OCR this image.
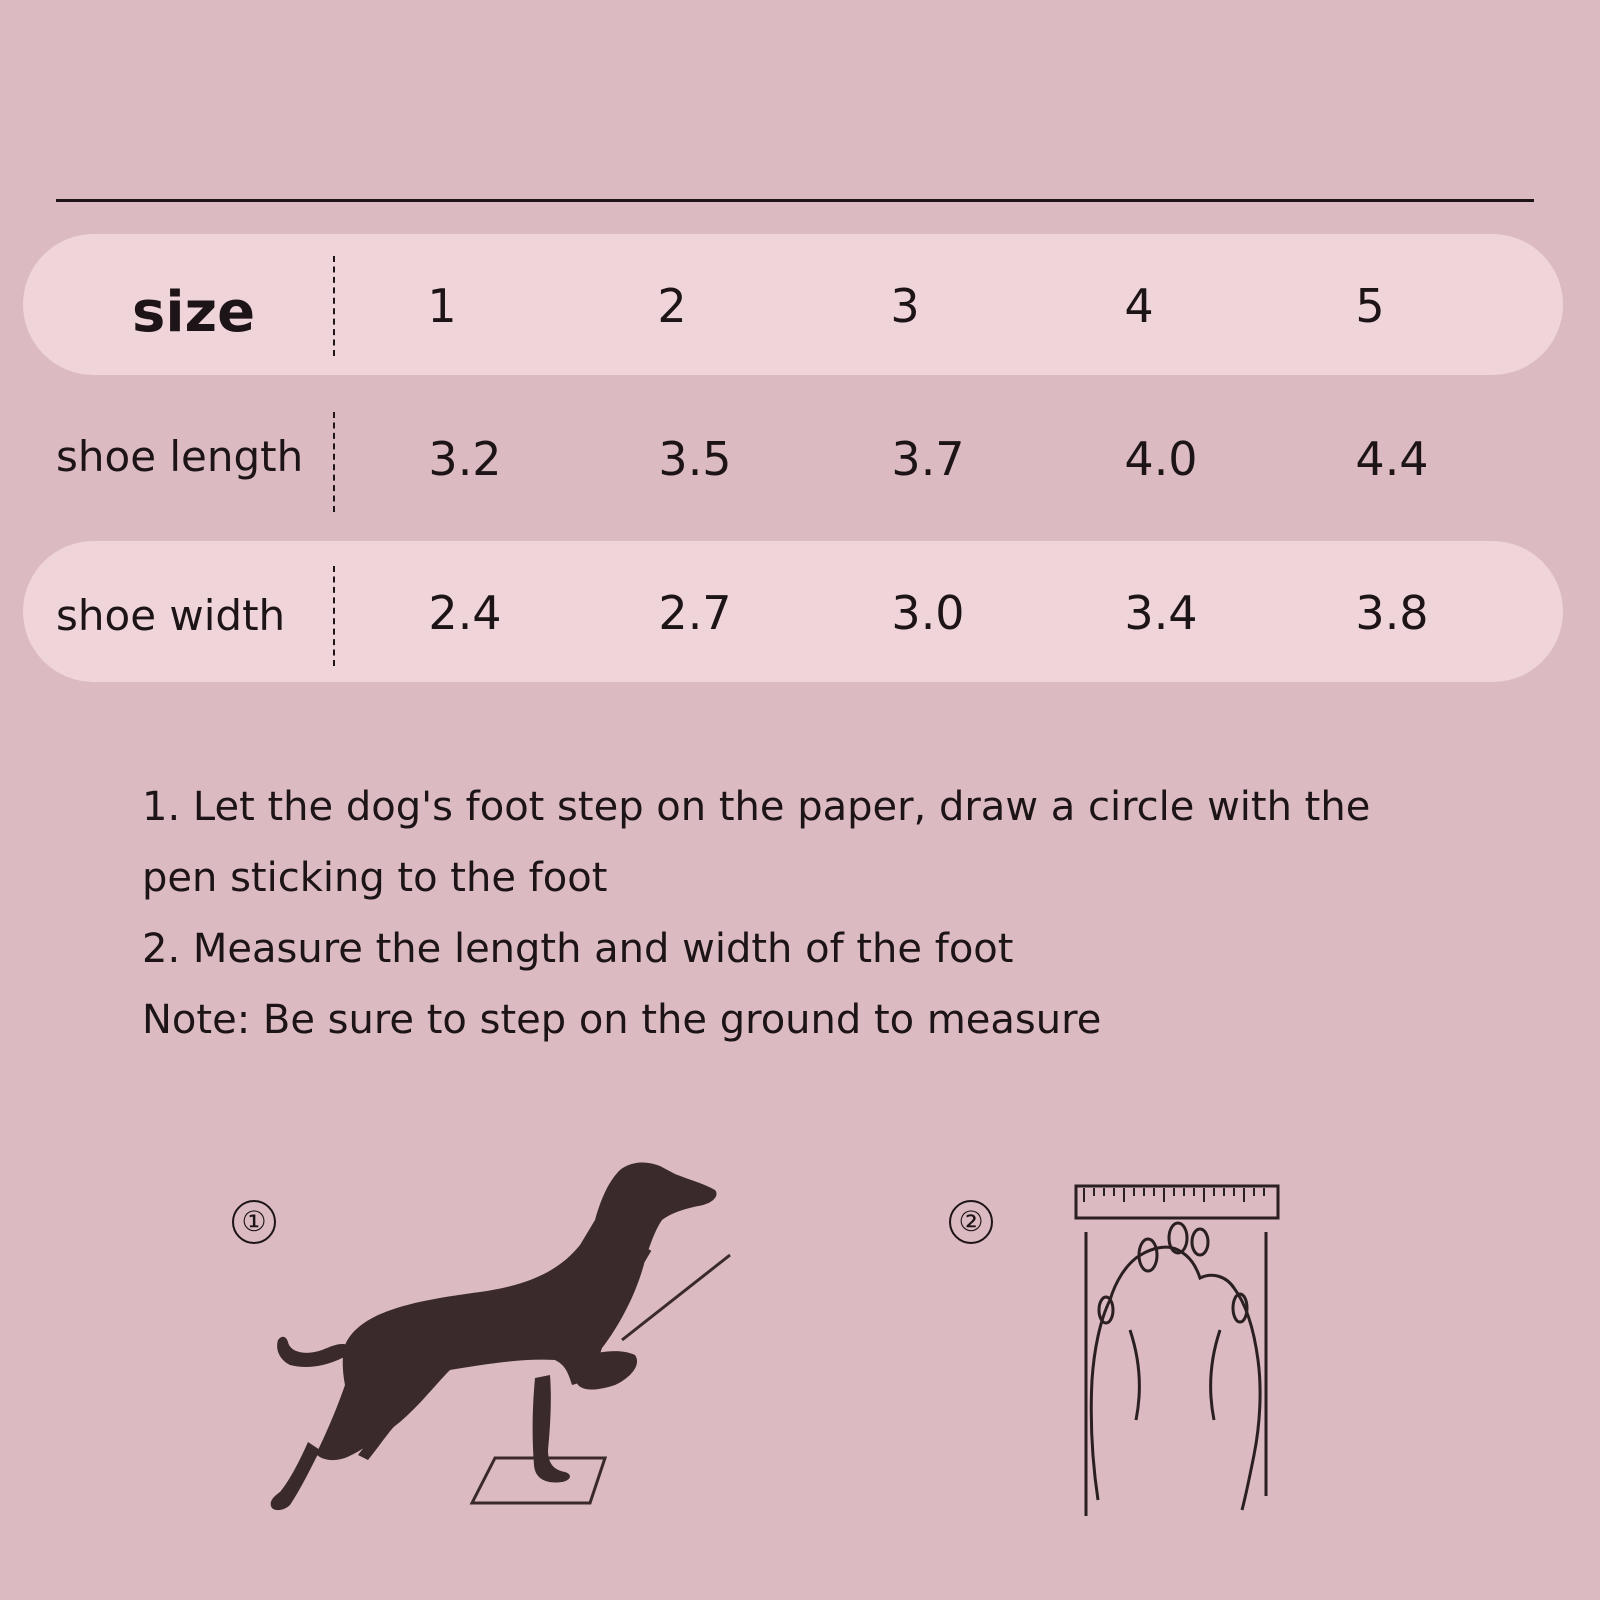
size	1	2	3	4	5
shoe length	3.2	3.5	3.7	4.0	4.4
shoe width	2.4	2.7	3.0	3.4	3.8

1. Let the dog's foot step on the paper, draw a circle with the pen sticking to the foot

2. Measure the length and width of the foot

Note: Be sure to step on the ground to measure

①	②
